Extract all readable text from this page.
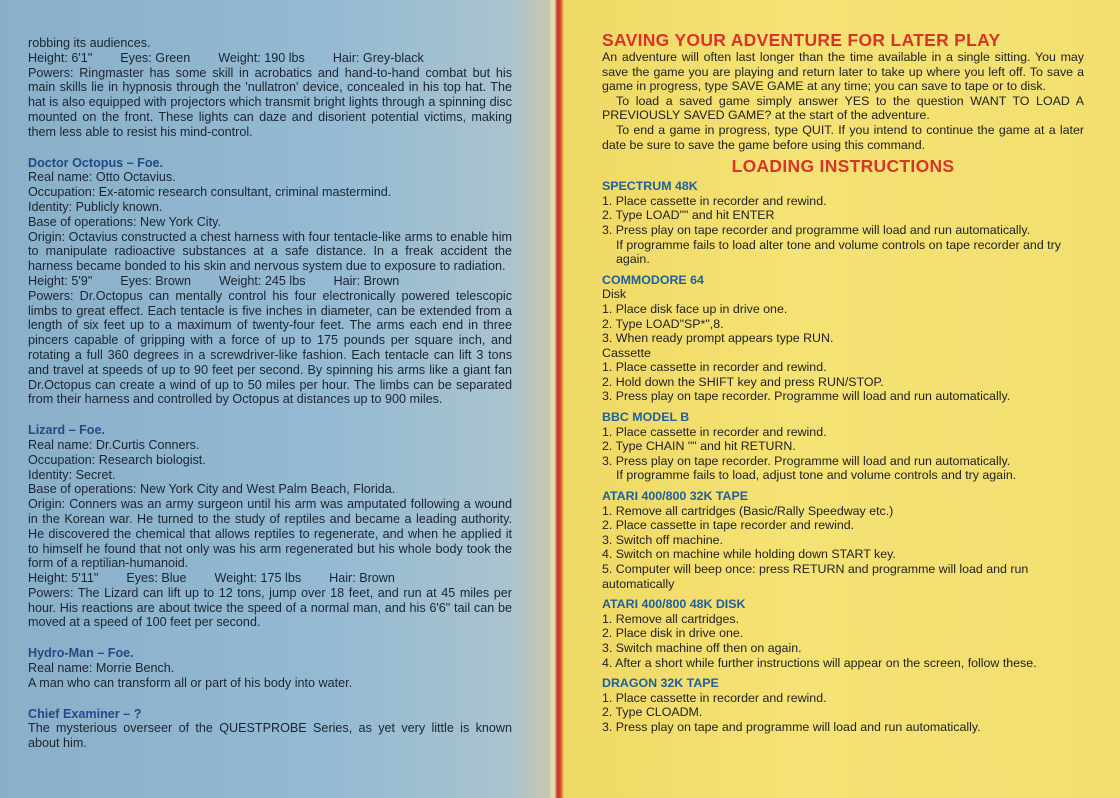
robbing its audiences.

Height: 6'1"        Eyes: Green        Weight: 190 lbs        Hair: Grey-black

Powers: Ringmaster has some skill in acrobatics and hand-to-hand combat but his main skills lie in hypnosis through the 'nullatron' device, concealed in his top hat. The hat is also equipped with projectors which transmit bright lights through a spinning disc mounted on the front. These lights can daze and disorient potential victims, making them less able to resist his mind-control.

Doctor Octopus – Foe.

Real name: Otto Octavius.

Occupation: Ex-atomic research consultant, criminal mastermind.

Identity: Publicly known.

Base of operations: New York City.

Origin: Octavius constructed a chest harness with four tentacle-like arms to enable him to manipulate radioactive substances at a safe distance. In a freak accident the harness became bonded to his skin and nervous system due to exposure to radiation.

Height: 5'9"        Eyes: Brown        Weight: 245 lbs        Hair: Brown

Powers: Dr.Octopus can mentally control his four electronically powered telescopic limbs to great effect. Each tentacle is five inches in diameter, can be extended from a length of six feet up to a maximum of twenty-four feet. The arms each end in three pincers capable of gripping with a force of up to 175 pounds per square inch, and rotating a full 360 degrees in a screwdriver-like fashion. Each tentacle can lift 3 tons and travel at speeds of up to 90 feet per second. By spinning his arms like a giant fan Dr.Octopus can create a wind of up to 50 miles per hour. The limbs can be separated from their harness and controlled by Octopus at distances up to 900 miles.

Lizard – Foe.

Real name: Dr.Curtis Conners.

Occupation: Research biologist.

Identity: Secret.

Base of operations: New York City and West Palm Beach, Florida.

Origin: Conners was an army surgeon until his arm was amputated following a wound in the Korean war. He turned to the study of reptiles and became a leading authority. He discovered the chemical that allows reptiles to regenerate, and when he applied it to himself he found that not only was his arm regenerated but his whole body took the form of a reptilian-humanoid.

Height: 5'11"        Eyes: Blue        Weight: 175 lbs        Hair: Brown

Powers: The Lizard can lift up to 12 tons, jump over 18 feet, and run at 45 miles per hour. His reactions are about twice the speed of a normal man, and his 6'6" tail can be moved at a speed of 100 feet per second.

Hydro-Man – Foe.

Real name: Morrie Bench.

A man who can transform all or part of his body into water.

Chief Examiner – ?

The mysterious overseer of the QUESTPROBE Series, as yet very little is known about him.

SAVING YOUR ADVENTURE FOR LATER PLAY

An adventure will often last longer than the time available in a single sitting. You may save the game you are playing and return later to take up where you left off. To save a game in progress, type SAVE GAME at any time; you can save to tape or to disk.

To load a saved game simply answer YES to the question WANT TO LOAD A PREVIOUSLY SAVED GAME? at the start of the adventure.

To end a game in progress, type QUIT. If you intend to continue the game at a later date be sure to save the game before using this command.

LOADING INSTRUCTIONS

SPECTRUM 48K

1. Place cassette in recorder and rewind.

2. Type LOAD"" and hit ENTER

3. Press play on tape recorder and programme will load and run automatically.

If programme fails to load alter tone and volume controls on tape recorder and try again.

COMMODORE 64

Disk

1. Place disk face up in drive one.

2. Type LOAD"SP*",8.

3. When ready prompt appears type RUN.

Cassette

1. Place cassette in recorder and rewind.

2. Hold down the SHIFT key and press RUN/STOP.

3. Press play on tape recorder. Programme will load and run automatically.

BBC MODEL B

1. Place cassette in recorder and rewind.

2. Type CHAIN "" and hit RETURN.

3. Press play on tape recorder. Programme will load and run automatically.

If programme fails to load, adjust tone and volume controls and try again.

ATARI 400/800 32K TAPE

1. Remove all cartridges (Basic/Rally Speedway etc.)

2. Place cassette in tape recorder and rewind.

3. Switch off machine.

4. Switch on machine while holding down START key.

5. Computer will beep once: press RETURN and programme will load and run automatically

ATARI 400/800 48K DISK

1. Remove all cartridges.

2. Place disk in drive one.

3. Switch machine off then on again.

4. After a short while further instructions will appear on the screen, follow these.

DRAGON 32K TAPE

1. Place cassette in recorder and rewind.

2. Type CLOADM.

3. Press play on tape and programme will load and run automatically.
